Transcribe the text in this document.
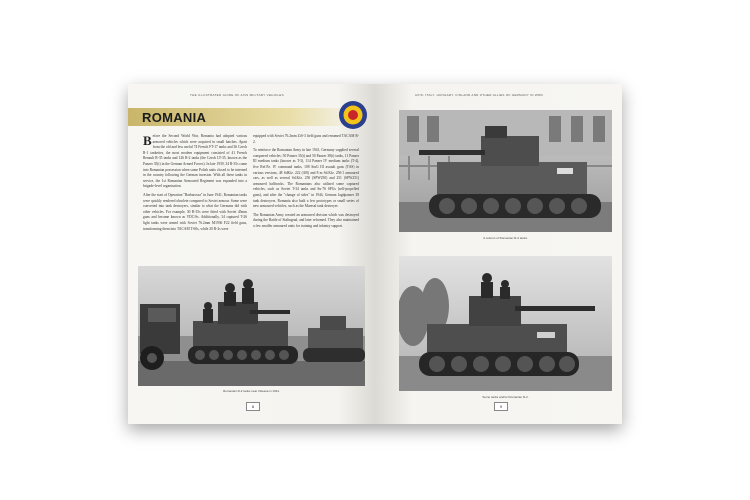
THE ILLUSTRATED GUIDE OF AXIS MILITARY VEHICLES
ROMANIA

Before the Second World War, Romania had adopted various armored vehicles which were acquired in small batches. Apart from the old and less useful 74 French FT-17 tanks and 36 Czech R-1 tankettes, the most modern equipment consisted of 41 French Renault R-35 tanks and 126 R-2 tanks (the Czech LT-35, known as the Panzer 35(t) in the German Armed Forces). In late 1939, 34 R-35s came into Romanian possession when some Polish units closed to be interned in the country following the German invasion. With all these tanks in service, the 1st Romanian Armoured Regiment was expanded into a brigade-level organisation.

After the start of Operation "Barbarossa" in June 1941, Romanian tanks were quickly rendered obsolete compared to Soviet armour. Some were converted into tank destroyers, similar to what the Germans did with other vehicles. For example, 30 R-35s were fitted with Soviet 45mm guns and became known as VDC/Ss. Additionally, 34 captured T-26 light tanks were armed with Soviet 76.2mm M1936 F22 field guns, transforming them into TACAM T-60s, while 20 R-2s were

equipped with Soviet 76.2mm ZiS-3 field guns and renamed TACAM R-2.

To reinforce the Romanian Army in late 1941, Germany supplied several conquered vehicles: 50 Panzer 35(t) and 50 Panzer 38(t) tanks, 11 Panzer III medium tanks (known as T-3), 114 Panzer IV medium tanks (T-4), five Ref.Pz. IV command tanks, 108 StuG III assault guns (TAS) in various versions, 48 SdKfz. 222 (AB) and 8 m Sd.Kfz. 250/1 armoured cars, as well as several Sd.Kfz. 250 (SPW250) and 251 (SPW251) armoured halftracks. The Romanians also utilised some captured vehicles, such as Soviet T-34 tanks and Su-76 SPGs (self-propelled guns), and after the "change of sides" in 1944, German Jagdpanzer 38 tank destroyers. Romania also built a few prototypes or small series of new armoured vehicles, such as the Maresal tank destroyer.

The Romanian Army created an armoured division which was destroyed during the Battle of Stalingrad, and later reformed. They also maintained a few smaller armoured units for training and infantry support.

Romanian R-2 tanks near Odessa in 1941.
8
AXIS: ITALY, HUNGARY, FINLAND AND OTHER ALLIES OF GERMANY IN WWII
A column of Romanian R-2 tanks.
Some tanks and/or Romanian R-2.
9
